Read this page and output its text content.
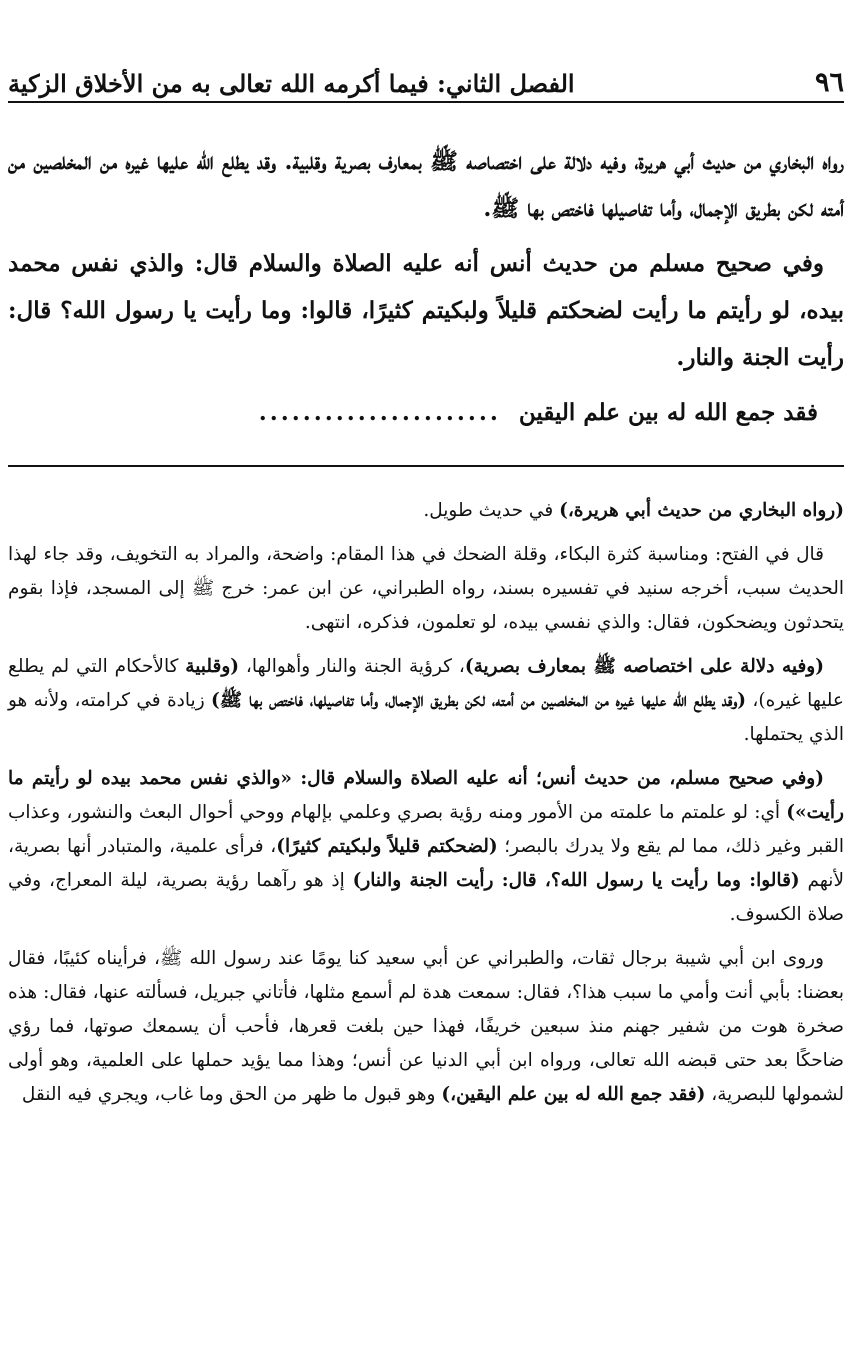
٩٦
الفصل الثاني: فيما أكرمه الله تعالى به من الأخلاق الزكية

رواه البخاري من حديث أبي هريرة، وفيه دلالة على اختصاصه ﷺ بمعارف بصرية وقلبية. وقد يطلع الله عليها غيره من المخلصين من أمته لكن بطريق الإجمال، وأما تفاصيلها فاختص بها ﷺ.

وفي صحيح مسلم من حديث أنس أنه عليه الصلاة والسلام قال: والذي نفس محمد بيده، لو رأيتم ما رأيت لضحكتم قليلاً ولبكيتم كثيرًا، قالوا: وما رأيت يا رسول الله؟ قال: رأيت الجنة والنار.

فقد جمع الله له بين علم اليقين
......................

(رواه البخاري من حديث أبي هريرة،) في حديث طويل.

قال في الفتح: ومناسبة كثرة البكاء، وقلة الضحك في هذا المقام: واضحة، والمراد به التخويف، وقد جاء لهذا الحديث سبب، أخرجه سنيد في تفسيره بسند، رواه الطبراني، عن ابن عمر: خرج ﷺ إلى المسجد، فإذا بقوم يتحدثون ويضحكون، فقال: والذي نفسي بيده، لو تعلمون، فذكره، انتهى.

(وفيه دلالة على اختصاصه ﷺ بمعارف بصرية)، كرؤية الجنة والنار وأهوالها، (وقلبية كالأحكام التي لم يطلع عليها غيره)، (وقد يطلع الله عليها غيره من المخلصين من أمته، لكن بطريق الإجمال، وأما تفاصيلها، فاختص بها ﷺ) زيادة في كرامته، ولأنه هو الذي يحتملها.

(وفي صحيح مسلم، من حديث أنس؛ أنه عليه الصلاة والسلام قال: «والذي نفس محمد بيده لو رأيتم ما رأيت») أي: لو علمتم ما علمته من الأمور ومنه رؤية بصري وعلمي بإلهام ووحي أحوال البعث والنشور، وعذاب القبر وغير ذلك، مما لم يقع ولا يدرك بالبصر؛ (لضحكتم قليلاً ولبكيتم كثيرًا)، فرأى علمية، والمتبادر أنها بصرية، لأنهم (قالوا: وما رأيت يا رسول الله؟، قال: رأيت الجنة والنار) إذ هو رآهما رؤية بصرية، ليلة المعراج، وفي صلاة الكسوف.

وروى ابن أبي شيبة برجال ثقات، والطبراني عن أبي سعيد كنا يومًا عند رسول الله ﷺ، فرأيناه كئيبًا، فقال بعضنا: بأبي أنت وأمي ما سبب هذا؟، فقال: سمعت هدة لم أسمع مثلها، فأتاني جبريل، فسألته عنها، فقال: هذه صخرة هوت من شفير جهنم منذ سبعين خريفًا، فهذا حين بلغت قعرها، فأحب أن يسمعك صوتها، فما رؤي ضاحكًا بعد حتى قبضه الله تعالى، ورواه ابن أبي الدنيا عن أنس؛ وهذا مما يؤيد حملها على العلمية، وهو أولى لشمولها للبصرية، (فقد جمع الله له بين علم اليقين،) وهو قبول ما ظهر من الحق وما غاب، ويجري فيه النقل
